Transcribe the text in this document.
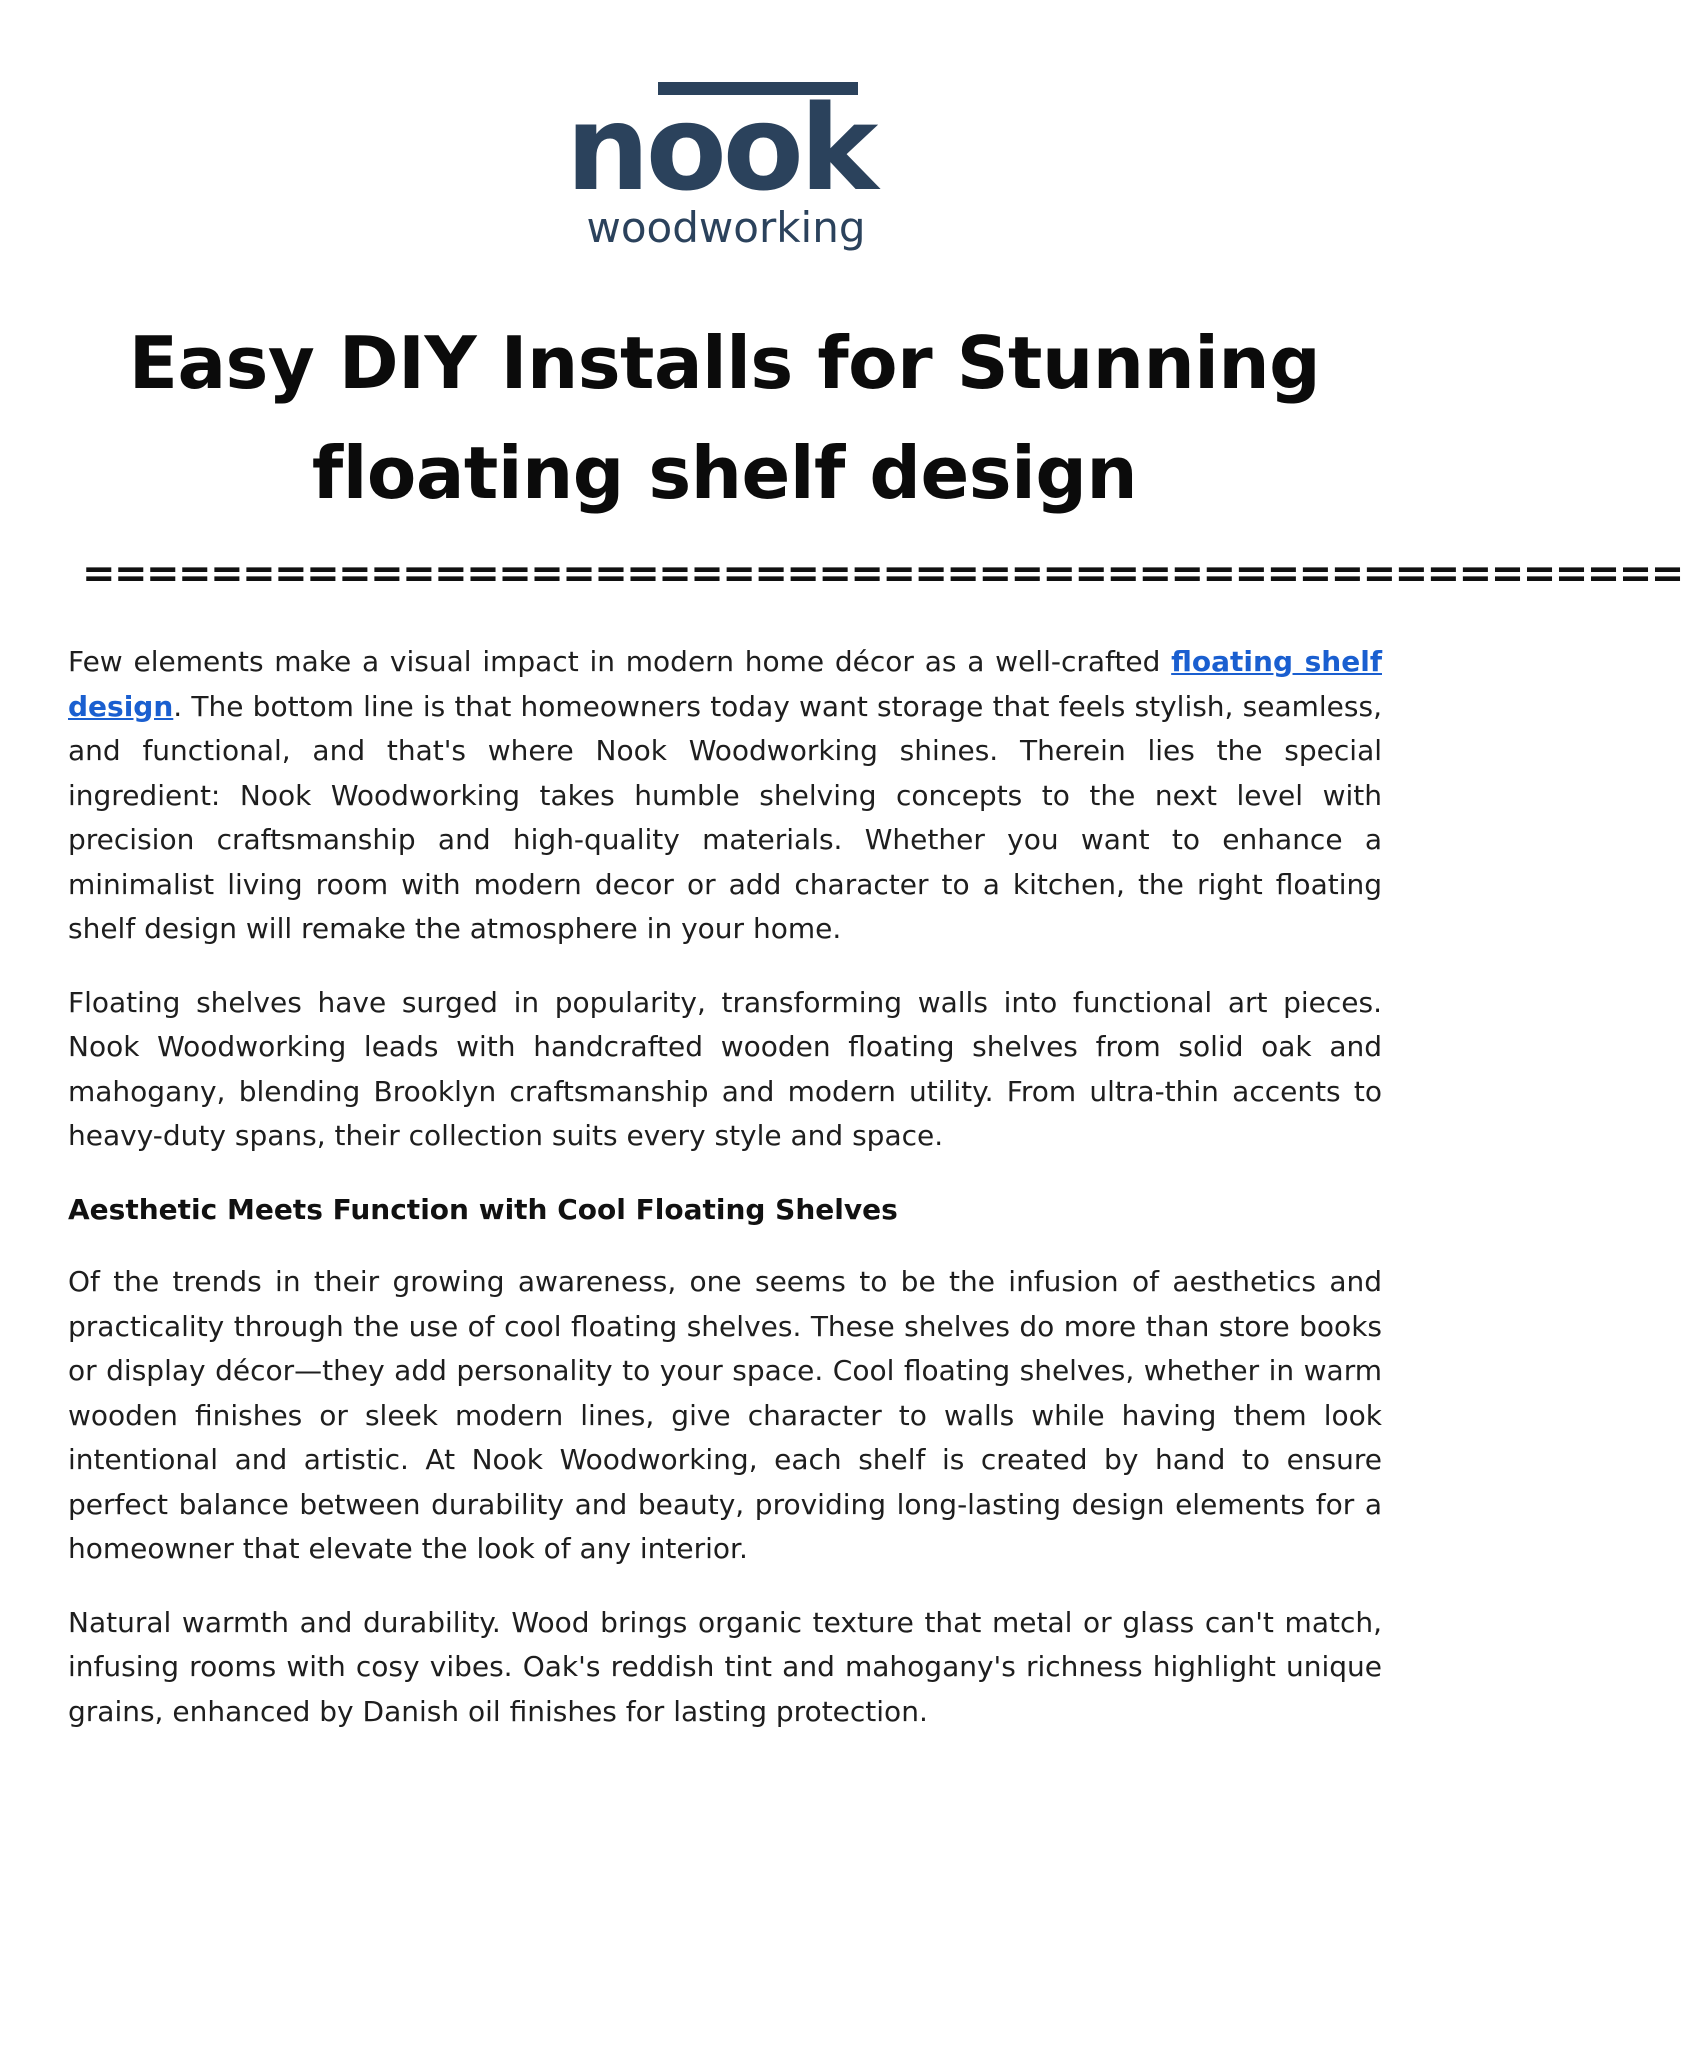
nook
woodworking
Easy DIY Installs for Stunning floating shelf design
==================================================

Few elements make a visual impact in modern home décor as a well-crafted floating shelf design. The bottom line is that homeowners today want storage that feels stylish, seamless, and functional, and that's where Nook Woodworking shines. Therein lies the special ingredient: Nook Woodworking takes humble shelving concepts to the next level with precision craftsmanship and high-quality materials. Whether you want to enhance a minimalist living room with modern decor or add character to a kitchen, the right floating shelf design will remake the atmosphere in your home.

Floating shelves have surged in popularity, transforming walls into functional art pieces. Nook Woodworking leads with handcrafted wooden floating shelves from solid oak and mahogany, blending Brooklyn craftsmanship and modern utility. From ultra-thin accents to heavy-duty spans, their collection suits every style and space.

Aesthetic Meets Function with Cool Floating Shelves

Of the trends in their growing awareness, one seems to be the infusion of aesthetics and practicality through the use of cool floating shelves. These shelves do more than store books or display décor—they add personality to your space. Cool floating shelves, whether in warm wooden finishes or sleek modern lines, give character to walls while having them look intentional and artistic. At Nook Woodworking, each shelf is created by hand to ensure perfect balance between durability and beauty, providing long-lasting design elements for a homeowner that elevate the look of any interior.

Natural warmth and durability. Wood brings organic texture that metal or glass can't match, infusing rooms with cosy vibes. Oak's reddish tint and mahogany's richness highlight unique grains, enhanced by Danish oil finishes for lasting protection.
